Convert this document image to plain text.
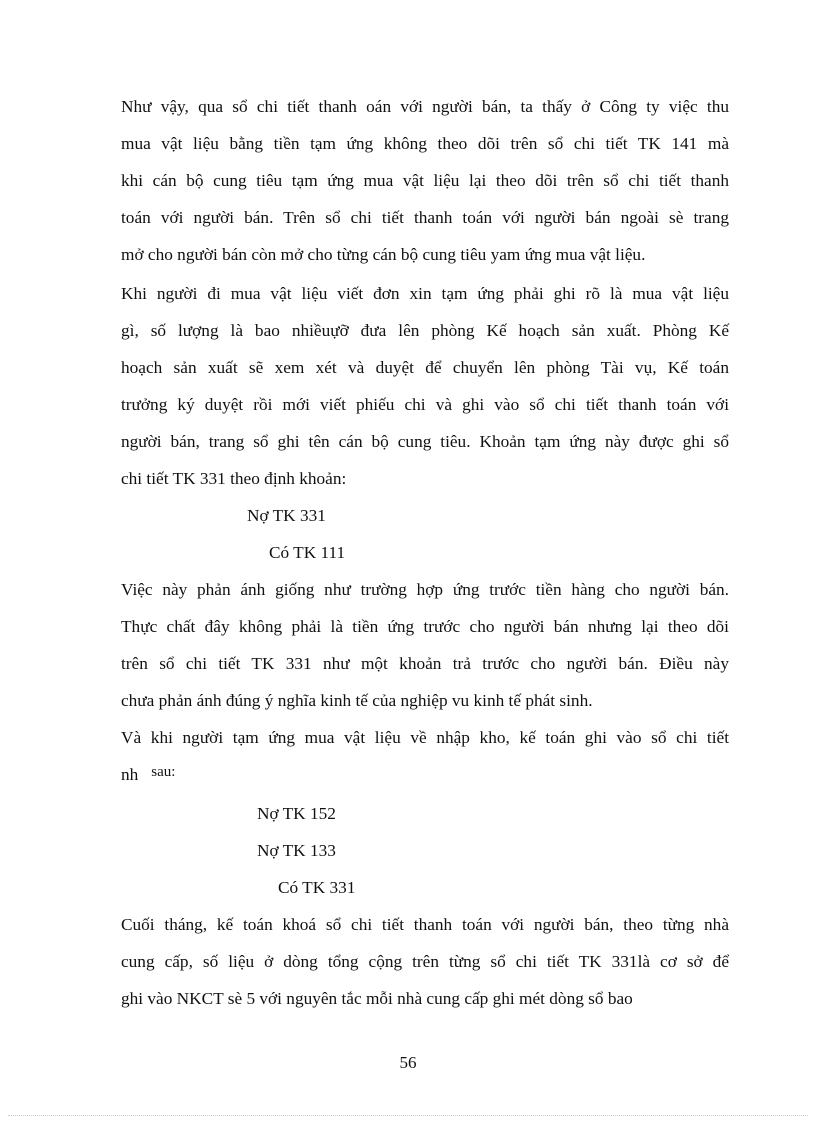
Như vậy, qua sổ chi tiết thanh oán với người bán, ta thấy ở Công ty việc thu
mua vật liệu bằng tiền tạm ứng không theo dõi trên sổ chi tiết TK 141 mà
khi cán bộ cung tiêu tạm ứng mua vật liệu lại theo dõi trên sổ chi tiết thanh
toán với người bán. Trên sổ chi tiết thanh toán với người bán ngoài sè trang
mở cho người bán còn mở cho từng cán bộ cung tiêu yam ứng mua vật liệu.

Khi người đi mua vật liệu viết đơn xin tạm ứng phải ghi rõ là mua vật liệu
gì, số lượng là bao nhiềuựỡ đưa lên phòng Kế hoạch sản xuất. Phòng Kế
hoạch sản xuất sẽ xem xét và duyệt để chuyển lên phòng Tài vụ, Kế toán
trưởng ký duyệt rồi mới viết phiếu chi và ghi vào sổ chi tiết thanh toán với
người bán, trang sổ ghi tên cán bộ cung tiêu. Khoản tạm ứng này được ghi sổ
chi tiết TK 331 theo định khoản:

Nợ TK 331
Có TK 111

Việc này phản ánh giống như trường hợp ứng trước tiền hàng cho người bán.
Thực chất đây không phải là tiền ứng trước cho người bán nhưng lại theo dõi
trên sổ chi tiết TK 331 như một khoản trả trước cho người bán. Điều này
chưa phản ánh đúng ý nghĩa kinh tế của nghiệp vu kinh tế phát sinh.

Và khi người tạm ứng mua vật liệu về nhập kho, kế toán ghi vào sổ chi tiết
nh sau:

Nợ TK 152
Nợ TK 133
Có TK 331

Cuối tháng, kế toán khoá sổ chi tiết thanh toán với người bán, theo từng nhà
cung cấp, số liệu ở dòng tổng cộng trên từng sổ chi tiết TK 331là cơ sở để
ghi vào NKCT sè 5 với nguyên tắc mỗi nhà cung cấp ghi mét dòng sổ bao

56
